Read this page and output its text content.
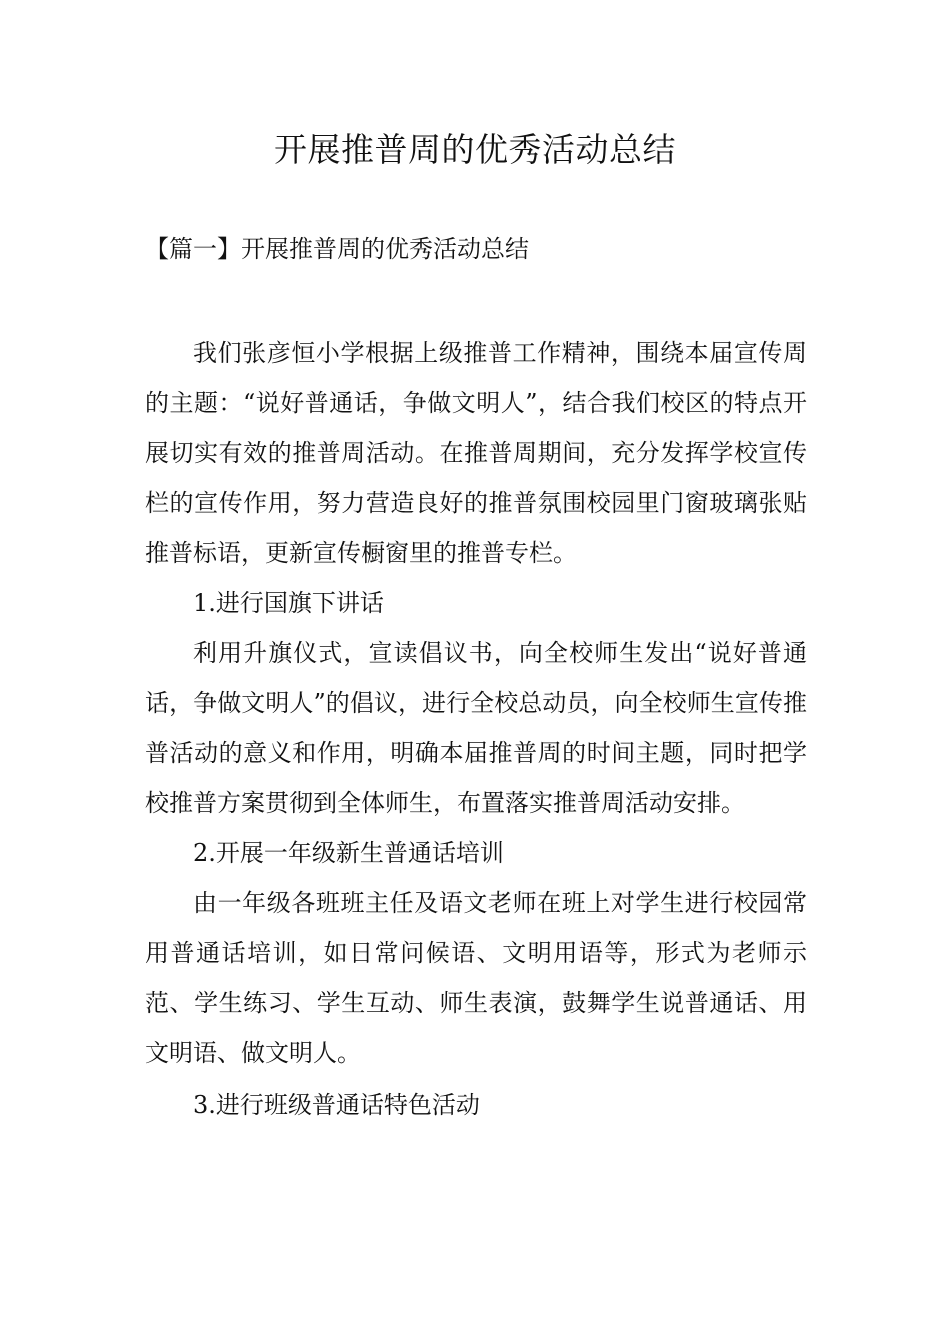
开展推普周的优秀活动总结

【篇一】开展推普周的优秀活动总结

我们张彦恒小学根据上级推普工作精神，围绕本届宣传周的主题：“说好普通话，争做文明人”，结合我们校区的特点开展切实有效的推普周活动。在推普周期间，充分发挥学校宣传栏的宣传作用，努力营造良好的推普氛围校园里门窗玻璃张贴推普标语，更新宣传橱窗里的推普专栏。

1.进行国旗下讲话

利用升旗仪式，宣读倡议书，向全校师生发出“说好普通话，争做文明人”的倡议，进行全校总动员，向全校师生宣传推普活动的意义和作用，明确本届推普周的时间主题，同时把学校推普方案贯彻到全体师生，布置落实推普周活动安排。

2.开展一年级新生普通话培训

由一年级各班班主任及语文老师在班上对学生进行校园常用普通话培训，如日常问候语、文明用语等，形式为老师示范、学生练习、学生互动、师生表演，鼓舞学生说普通话、用文明语、做文明人。

3.进行班级普通话特色活动
